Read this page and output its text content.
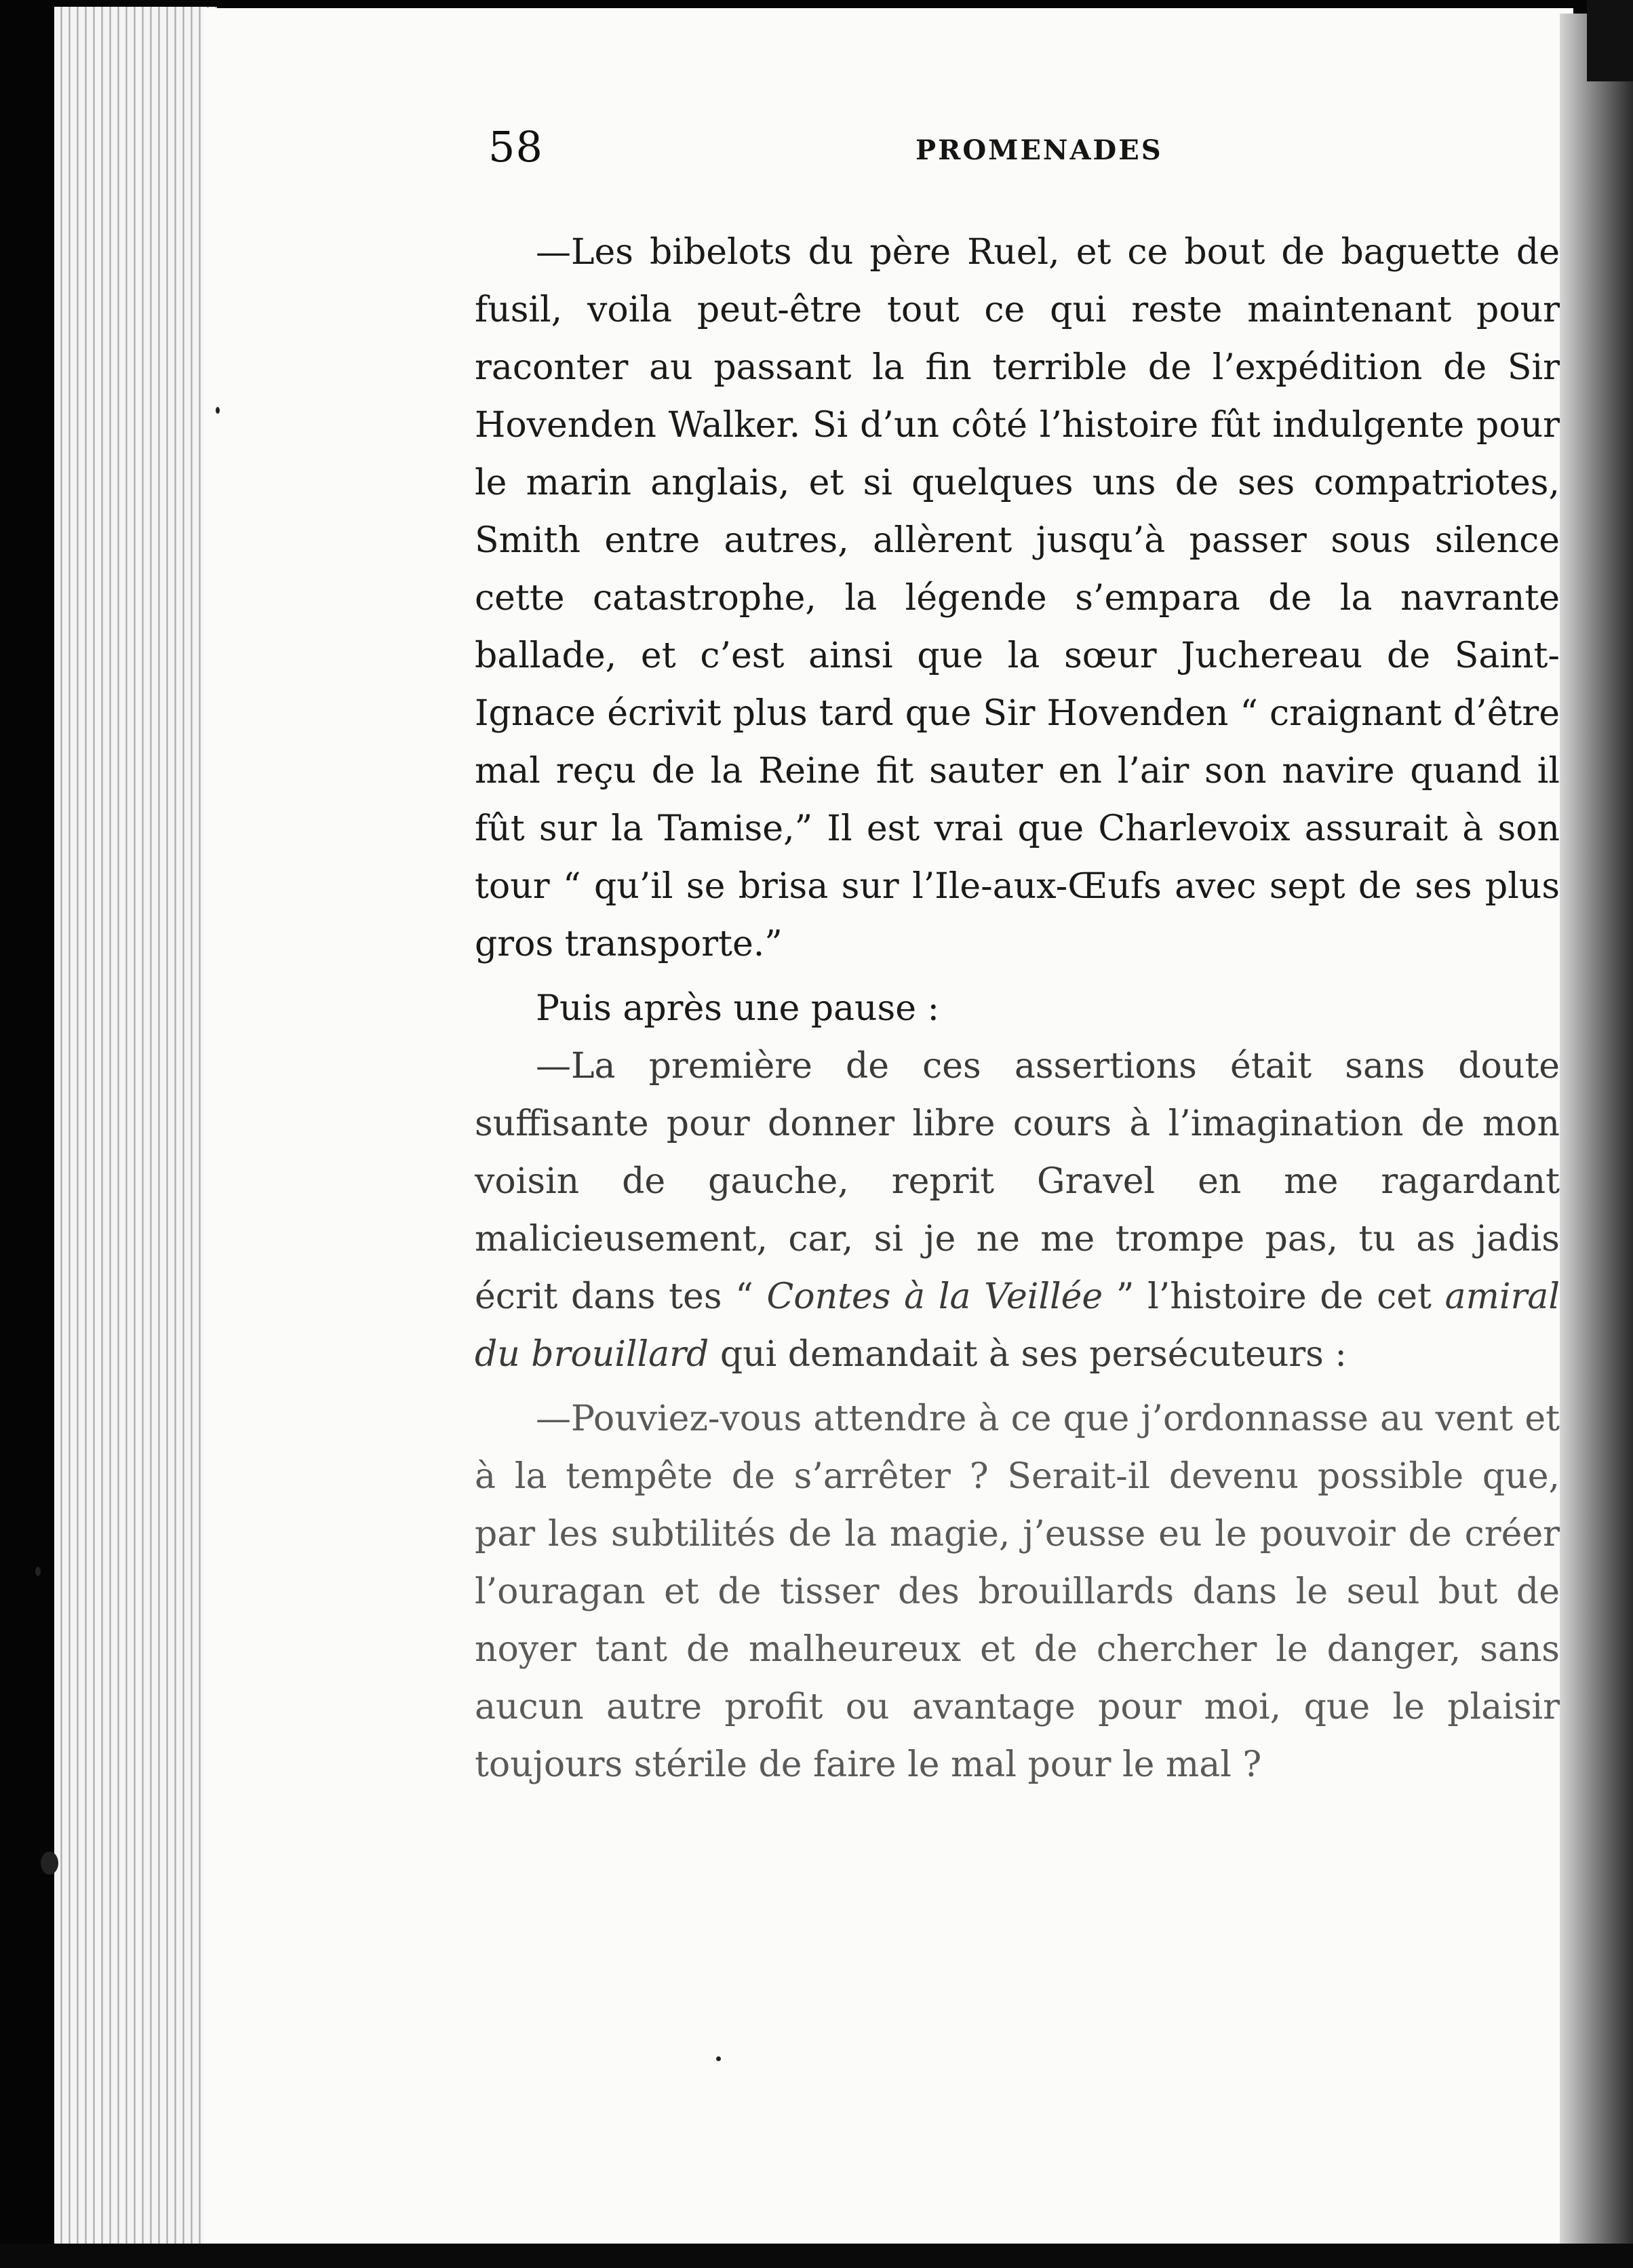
58	PROMENADES

—Les bibelots du père Ruel, et ce bout de baguette de fusil, voila peut-être tout ce qui reste maintenant pour raconter au passant la fin terrible de l’expédition de Sir Hovenden Walker. Si d’un côté l’histoire fût indulgente pour le marin anglais, et si quelques uns de ses compatriotes, Smith entre autres, allèrent jusqu’à passer sous silence cette catastrophe, la légende s’empara de la navrante ballade, et c’est ainsi que la sœur Juchereau de Saint-Ignace écrivit plus tard que Sir Hovenden “ craignant d’être mal reçu de la Reine fit sauter en l’air son navire quand il fût sur la Tamise,” Il est vrai que Charlevoix assurait à son tour “ qu’il se brisa sur l’Ile-aux-Œufs avec sept de ses plus gros transporte.”

Puis après une pause :

—La première de ces assertions était sans doute suffisante pour donner libre cours à l’imagination de mon voisin de gauche, reprit Gravel en me ragardant malicieusement, car, si je ne me trompe pas, tu as jadis écrit dans tes “ Contes à la Veillée ” l’histoire de cet amiral du brouillard qui demandait à ses persécuteurs :

—Pouviez-vous attendre à ce que j’ordonnasse au vent et à la tempête de s’arrêter ? Serait-il devenu possible que, par les subtilités de la magie, j’eusse eu le pouvoir de créer l’ouragan et de tisser des brouillards dans le seul but de noyer tant de malheureux et de chercher le danger, sans aucun autre profit ou avantage pour moi, que le plaisir toujours stérile de faire le mal pour le mal ?
